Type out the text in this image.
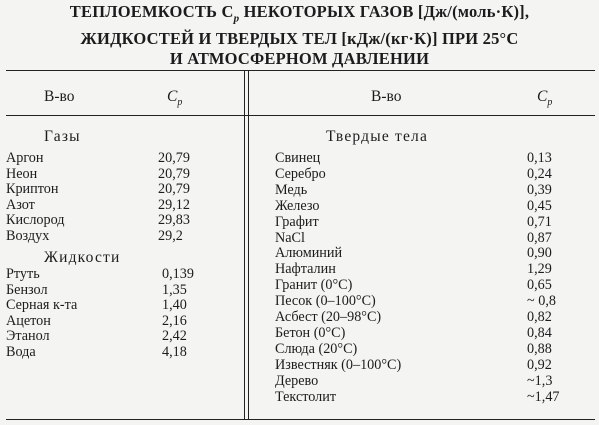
ТЕПЛОЕМКОСТЬ $C_p$ НЕКОТОРЫХ ГАЗОВ [Дж/(моль·К)],
ЖИДКОСТЕЙ И ТВЕРДЫХ ТЕЛ [кДж/(кг·К)] ПРИ 25°С
И АТМОСФЕРНОМ ДАВЛЕНИИ
В-во	$C_p$	В-во	$C_p$
Газы
Аргон	20,79
Неон	20,79
Криптон	20,79
Азот	29,12
Кислород	29,83
Воздух	29,2
Жидкости
Ртуть	0,139
Бензол	1,35
Серная к-та	1,40
Ацетон	2,16
Этанол	2,42
Вода	4,18
Твердые тела
Свинец	0,13
Серебро	0,24
Медь	0,39
Железо	0,45
Графит	0,71
NaCl	0,87
Алюминий	0,90
Нафталин	1,29
Гранит (0°С)	0,65
Песок (0–100°С)	~ 0,8
Асбест (20–98°С)	0,82
Бетон (0°С)	0,84
Слюда (20°С)	0,88
Известняк (0–100°С)	0,92
Дерево	~1,3
Текстолит	~1,47
